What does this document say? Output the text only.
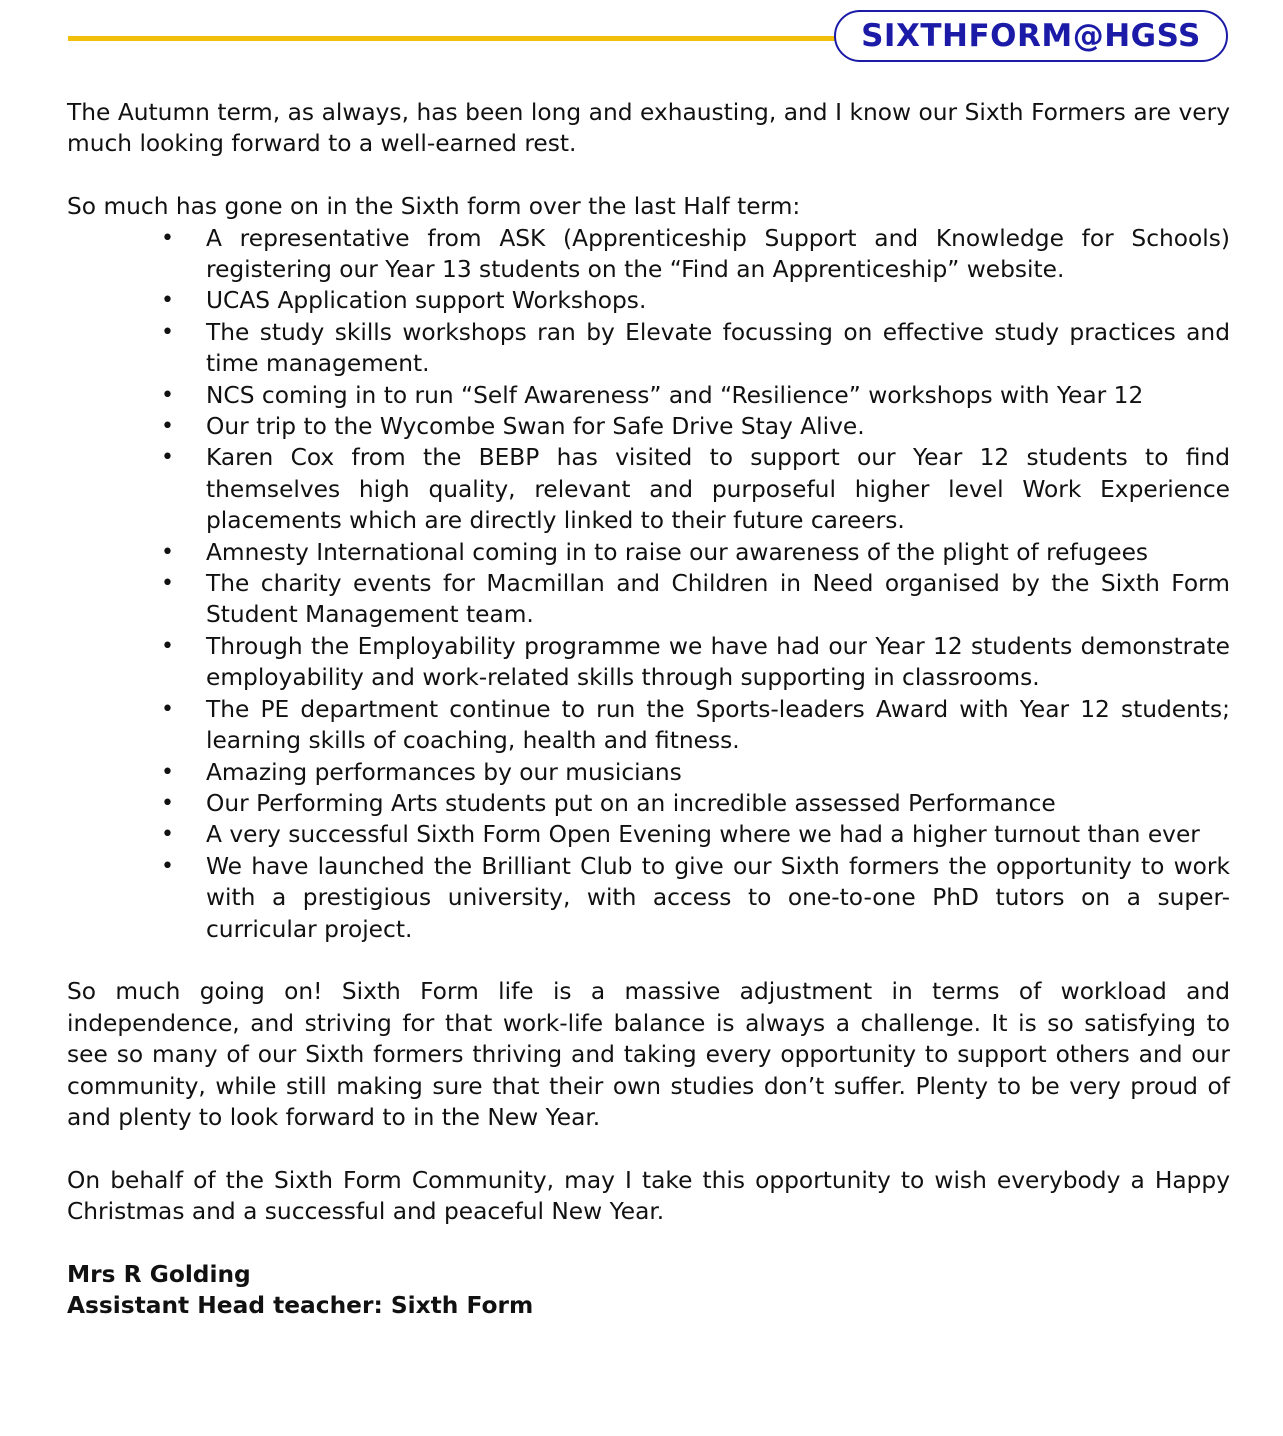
SIXTHFORM@HGSS

The Autumn term, as always, has been long and exhausting, and I know our Sixth Formers are very much looking forward to a well-earned rest.

So much has gone on in the Sixth form over the last Half term:

• A representative from ASK (Apprenticeship Support and Knowledge for Schools) registering our Year 13 students on the “Find an Apprenticeship” website.
• UCAS Application support Workshops.
• The study skills workshops ran by Elevate focussing on effective study practices and time management.
• NCS coming in to run “Self Awareness” and “Resilience” workshops with Year 12
• Our trip to the Wycombe Swan for Safe Drive Stay Alive.
• Karen Cox from the BEBP has visited to support our Year 12 students to find themselves high quality, relevant and purposeful higher level Work Experience placements which are directly linked to their future careers.
• Amnesty International coming in to raise our awareness of the plight of refugees
• The charity events for Macmillan and Children in Need organised by the Sixth Form Student Management team.
• Through the Employability programme we have had our Year 12 students demonstrate employability and work-related skills through supporting in classrooms.
• The PE department continue to run the Sports-leaders Award with Year 12 students; learning skills of coaching, health and fitness.
• Amazing performances by our musicians
• Our Performing Arts students put on an incredible assessed Performance
• A very successful Sixth Form Open Evening where we had a higher turnout than ever
• We have launched the Brilliant Club to give our Sixth formers the opportunity to work with a prestigious university, with access to one-to-one PhD tutors on a super-curricular project.

So much going on! Sixth Form life is a massive adjustment in terms of workload and independence, and striving for that work-life balance is always a challenge. It is so satisfying to see so many of our Sixth formers thriving and taking every opportunity to support others and our community, while still making sure that their own studies don’t suffer. Plenty to be very proud of and plenty to look forward to in the New Year.

On behalf of the Sixth Form Community, may I take this opportunity to wish everybody a Happy Christmas and a successful and peaceful New Year.

Mrs R Golding

Assistant Head teacher: Sixth Form
